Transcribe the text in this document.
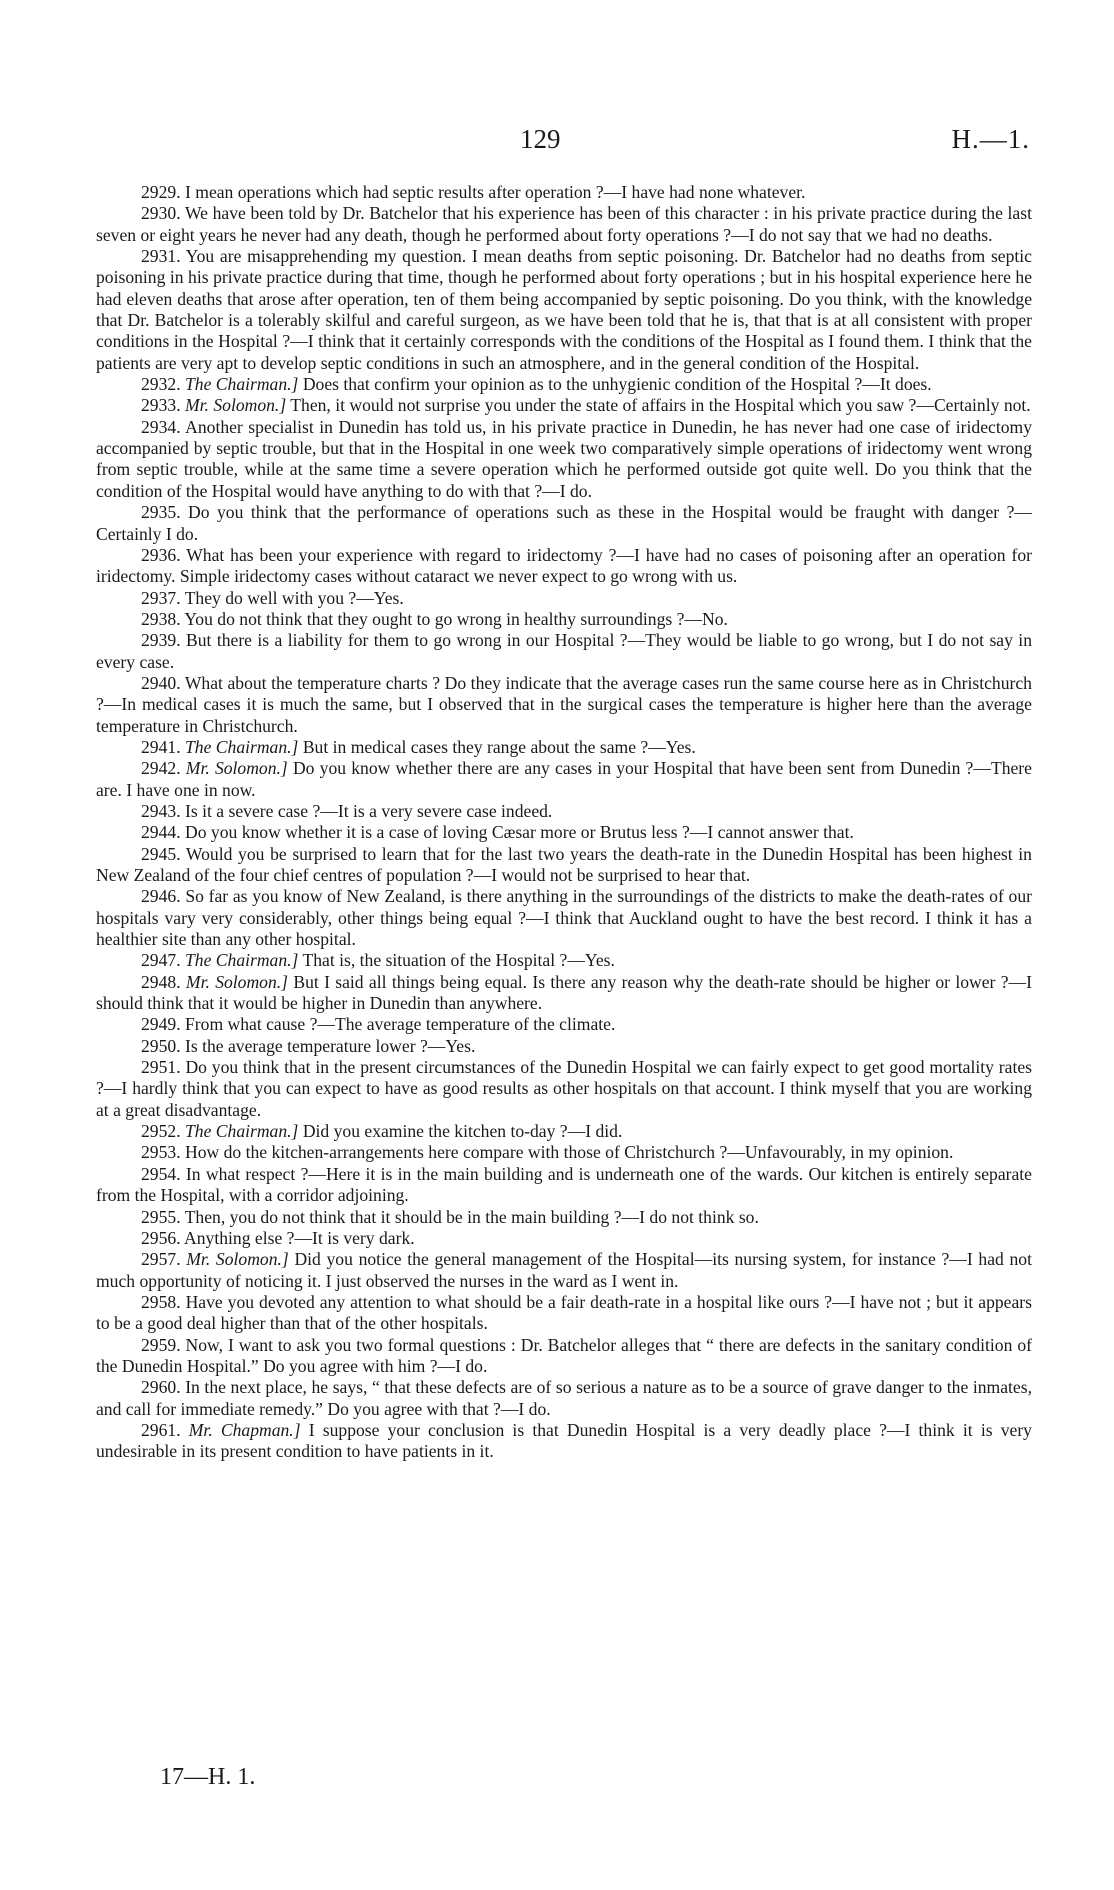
129	H.—1.

2929. I mean operations which had septic results after operation ?—I have had none whatever.

2930. We have been told by Dr. Batchelor that his experience has been of this character : in his private practice during the last seven or eight years he never had any death, though he performed about forty operations ?—I do not say that we had no deaths.

2931. You are misapprehending my question. I mean deaths from septic poisoning. Dr. Batchelor had no deaths from septic poisoning in his private practice during that time, though he performed about forty operations ; but in his hospital experience here he had eleven deaths that arose after operation, ten of them being accompanied by septic poisoning. Do you think, with the knowledge that Dr. Batchelor is a tolerably skilful and careful surgeon, as we have been told that he is, that that is at all consistent with proper conditions in the Hospital ?—I think that it certainly corresponds with the conditions of the Hospital as I found them. I think that the patients are very apt to develop septic conditions in such an atmosphere, and in the general condition of the Hospital.

2932. The Chairman.] Does that confirm your opinion as to the unhygienic condition of the Hospital ?—It does.

2933. Mr. Solomon.] Then, it would not surprise you under the state of affairs in the Hospital which you saw ?—Certainly not.

2934. Another specialist in Dunedin has told us, in his private practice in Dunedin, he has never had one case of iridectomy accompanied by septic trouble, but that in the Hospital in one week two comparatively simple operations of iridectomy went wrong from septic trouble, while at the same time a severe operation which he performed outside got quite well. Do you think that the condition of the Hospital would have anything to do with that ?—I do.

2935. Do you think that the performance of operations such as these in the Hospital would be fraught with danger ?—Certainly I do.

2936. What has been your experience with regard to iridectomy ?—I have had no cases of poisoning after an operation for iridectomy. Simple iridectomy cases without cataract we never expect to go wrong with us.

2937. They do well with you ?—Yes.

2938. You do not think that they ought to go wrong in healthy surroundings ?—No.

2939. But there is a liability for them to go wrong in our Hospital ?—They would be liable to go wrong, but I do not say in every case.

2940. What about the temperature charts ? Do they indicate that the average cases run the same course here as in Christchurch ?—In medical cases it is much the same, but I observed that in the surgical cases the temperature is higher here than the average temperature in Christchurch.

2941. The Chairman.] But in medical cases they range about the same ?—Yes.

2942. Mr. Solomon.] Do you know whether there are any cases in your Hospital that have been sent from Dunedin ?—There are. I have one in now.

2943. Is it a severe case ?—It is a very severe case indeed.

2944. Do you know whether it is a case of loving Cæsar more or Brutus less ?—I cannot answer that.

2945. Would you be surprised to learn that for the last two years the death-rate in the Dunedin Hospital has been highest in New Zealand of the four chief centres of population ?—I would not be surprised to hear that.

2946. So far as you know of New Zealand, is there anything in the surroundings of the districts to make the death-rates of our hospitals vary very considerably, other things being equal ?—I think that Auckland ought to have the best record. I think it has a healthier site than any other hospital.

2947. The Chairman.] That is, the situation of the Hospital ?—Yes.

2948. Mr. Solomon.] But I said all things being equal. Is there any reason why the death-rate should be higher or lower ?—I should think that it would be higher in Dunedin than anywhere.

2949. From what cause ?—The average temperature of the climate.

2950. Is the average temperature lower ?—Yes.

2951. Do you think that in the present circumstances of the Dunedin Hospital we can fairly expect to get good mortality rates ?—I hardly think that you can expect to have as good results as other hospitals on that account. I think myself that you are working at a great disadvantage.

2952. The Chairman.] Did you examine the kitchen to-day ?—I did.

2953. How do the kitchen-arrangements here compare with those of Christchurch ?—Unfavourably, in my opinion.

2954. In what respect ?—Here it is in the main building and is underneath one of the wards. Our kitchen is entirely separate from the Hospital, with a corridor adjoining.

2955. Then, you do not think that it should be in the main building ?—I do not think so.

2956. Anything else ?—It is very dark.

2957. Mr. Solomon.] Did you notice the general management of the Hospital—its nursing system, for instance ?—I had not much opportunity of noticing it. I just observed the nurses in the ward as I went in.

2958. Have you devoted any attention to what should be a fair death-rate in a hospital like ours ?—I have not ; but it appears to be a good deal higher than that of the other hospitals.

2959. Now, I want to ask you two formal questions : Dr. Batchelor alleges that “ there are defects in the sanitary condition of the Dunedin Hospital.” Do you agree with him ?—I do.

2960. In the next place, he says, “ that these defects are of so serious a nature as to be a source of grave danger to the inmates, and call for immediate remedy.” Do you agree with that ?—I do.

2961. Mr. Chapman.] I suppose your conclusion is that Dunedin Hospital is a very deadly place ?—I think it is very undesirable in its present condition to have patients in it.

17—H. 1.
